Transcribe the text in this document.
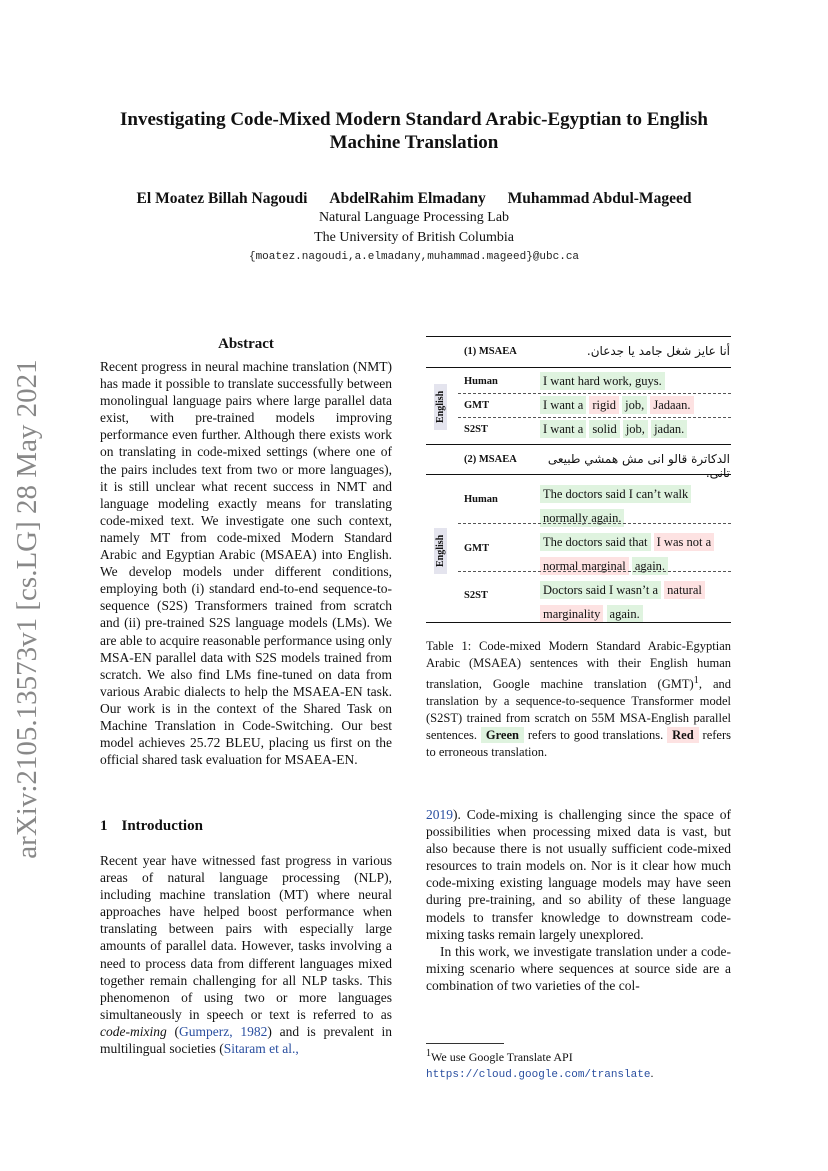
arXiv:2105.13573v1 [cs.LG] 28 May 2021
Investigating Code-Mixed Modern Standard Arabic-Egyptian to English
Machine Translation
El Moatez Billah Nagoudi AbdelRahim Elmadany Muhammad Abdul-Mageed
Natural Language Processing Lab
The University of British Columbia
{moatez.nagoudi,a.elmadany,muhammad.mageed}@ubc.ca
Abstract
Recent progress in neural machine translation (NMT) has made it possible to translate successfully between monolingual language pairs where large parallel data exist, with pre-trained models improving performance even further. Although there exists work on translating in code-mixed settings (where one of the pairs includes text from two or more languages), it is still unclear what recent success in NMT and language modeling exactly means for translating code-mixed text. We investigate one such context, namely MT from code-mixed Modern Standard Arabic and Egyptian Arabic (MSAEA) into English. We develop models under different conditions, employing both (i) standard end-to-end sequence-to-sequence (S2S) Transformers trained from scratch and (ii) pre-trained S2S language models (LMs). We are able to acquire reasonable performance using only MSA-EN parallel data with S2S models trained from scratch. We also find LMs fine-tuned on data from various Arabic dialects to help the MSAEA-EN task. Our work is in the context of the Shared Task on Machine Translation in Code-Switching. Our best model achieves 25.72 BLEU, placing us first on the official shared task evaluation for MSAEA-EN.
1 Introduction
Recent year have witnessed fast progress in various areas of natural language processing (NLP), including machine translation (MT) where neural approaches have helped boost performance when translating between pairs with especially large amounts of parallel data. However, tasks involving a need to process data from different languages mixed together remain challenging for all NLP tasks. This phenomenon of using two or more languages simultaneously in speech or text is referred to as code-mixing (Gumperz, 1982) and is prevalent in multilingual societies (Sitaram et al.,
2019). Code-mixing is challenging since the space of possibilities when processing mixed data is vast, but also because there is not usually sufficient code-mixed resources to train models on. Nor is it clear how much code-mixing existing language models may have seen during pre-training, and so ability of these language models to transfer knowledge to downstream code-mixing tasks remain largely unexplored.
In this work, we investigate translation under a code-mixing scenario where sequences at source side are a combination of two varieties of the col-
(1) MSAEA	أنا عايز شغل جامد يا جدعان.
English
Human	I want hard work, guys.
GMT	I want a rigid job, Jadaan.
S2ST	I want a solid job, jadan.
(2) MSAEA	الدكاترة قالو انى مش همشي طبيعى تانى.
English
Human	The doctors said I can’t walk
normally again.
GMT	The doctors said that I was not a
normal marginal again.
S2ST	Doctors said I wasn’t a natural
marginality again.
Table 1: Code-mixed Modern Standard Arabic-Egyptian Arabic (MSAEA) sentences with their English human translation, Google machine translation (GMT)$^1$, and translation by a sequence-to-sequence Transformer model (S2ST) trained from scratch on 55M MSA-English parallel sentences. Green refers to good translations. Red refers to erroneous translation.
$^1$We use Google Translate API https://cloud.google.com/translate.
